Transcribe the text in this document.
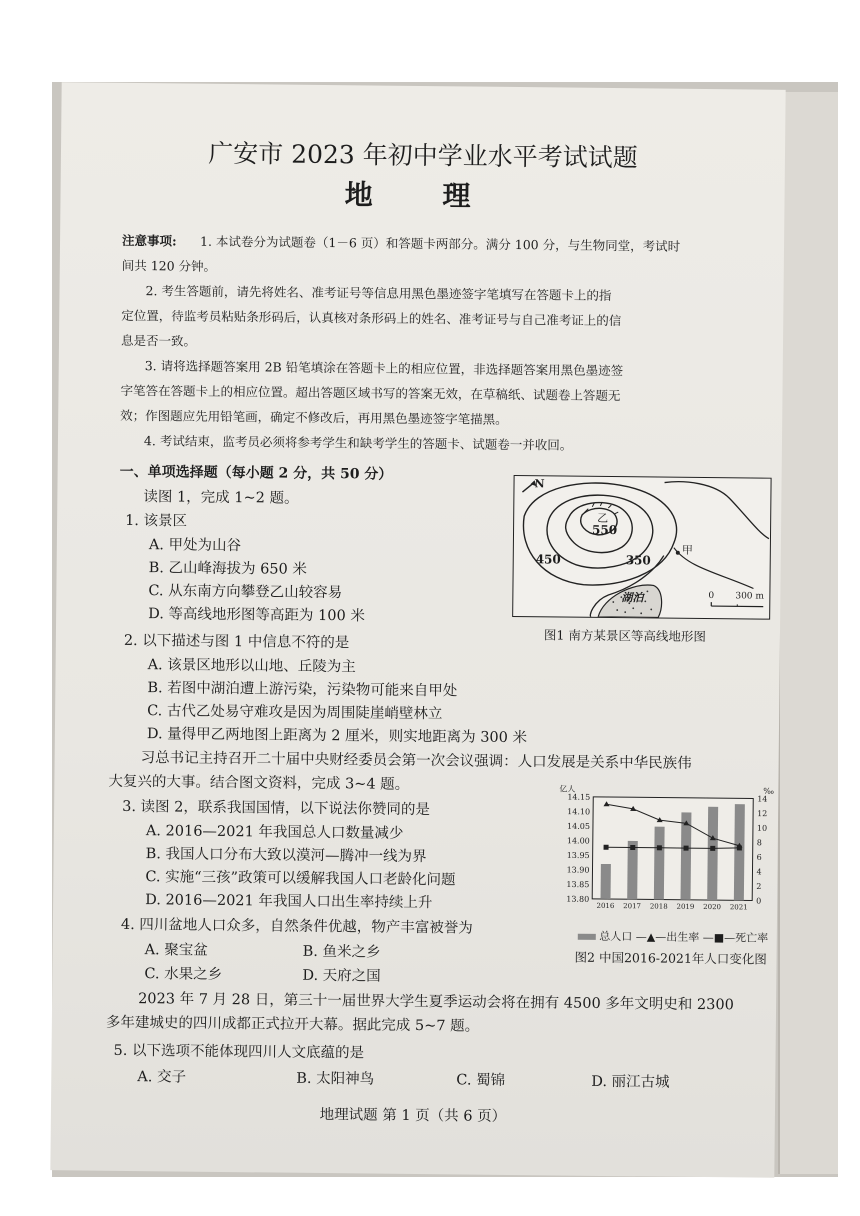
广安市 2023 年初中学业水平考试试题
地 理
注意事项: 1. 本试卷分为试题卷（1－6 页）和答题卡两部分。满分 100 分，与生物同堂，考试时
间共 120 分钟。
2. 考生答题前，请先将姓名、准考证号等信息用黑色墨迹签字笔填写在答题卡上的指
定位置，待监考员粘贴条形码后，认真核对条形码上的姓名、准考证号与自己准考证上的信
息是否一致。
3. 请将选择题答案用 2B 铅笔填涂在答题卡上的相应位置，非选择题答案用黑色墨迹签
字笔答在答题卡上的相应位置。超出答题区域书写的答案无效，在草稿纸、试题卷上答题无
效；作图题应先用铅笔画，确定不修改后，再用黑色墨迹签字笔描黑。
4. 考试结束，监考员必须将参考学生和缺考学生的答题卡、试题卷一并收回。
一、单项选择题（每小题 2 分，共 50 分）
读图 1，完成 1~2 题。
1. 该景区
A. 甲处为山谷
B. 乙山峰海拔为 650 米
C. 从东南方向攀登乙山较容易
D. 等高线地形图等高距为 100 米
N
乙
550
450	350
甲
湖泊	0 300 m
图1 南方某景区等高线地形图
2. 以下描述与图 1 中信息不符的是
A. 该景区地形以山地、丘陵为主
B. 若图中湖泊遭上游污染，污染物可能来自甲处
C. 古代乙处易守难攻是因为周围陡崖峭壁林立
D. 量得甲乙两地图上距离为 2 厘米，则实地距离为 300 米
习总书记主持召开二十届中央财经委员会第一次会议强调：人口发展是关系中华民族伟
大复兴的大事。结合图文资料，完成 3~4 题。
3. 读图 2，联系我国国情，以下说法你赞同的是
A. 2016—2021 年我国总人口数量减少
B. 我国人口分布大致以漠河—腾冲一线为界
C. 实施“三孩”政策可以缓解我国人口老龄化问题
D. 2016—2021 年我国人口出生率持续上升
4. 四川盆地人口众多，自然条件优越，物产丰富被誉为
A. 聚宝盆	B. 鱼米之乡
C. 水果之乡	D. 天府之国
亿人	‰
14.15
14.10
14.05
14.00
13.95
13.90
13.85
13.80
14
12
10
8
6
4
2
0
2016 2017 2018 2019 2020 2021
总人口 —▲—出生率 —■—死亡率
图2 中国2016-2021年人口变化图
2023 年 7 月 28 日，第三十一届世界大学生夏季运动会将在拥有 4500 多年文明史和 2300
多年建城史的四川成都正式拉开大幕。据此完成 5~7 题。
5. 以下选项不能体现四川人文底蕴的是
A. 交子	B. 太阳神鸟	C. 蜀锦	D. 丽江古城
地理试题 第 1 页（共 6 页）
